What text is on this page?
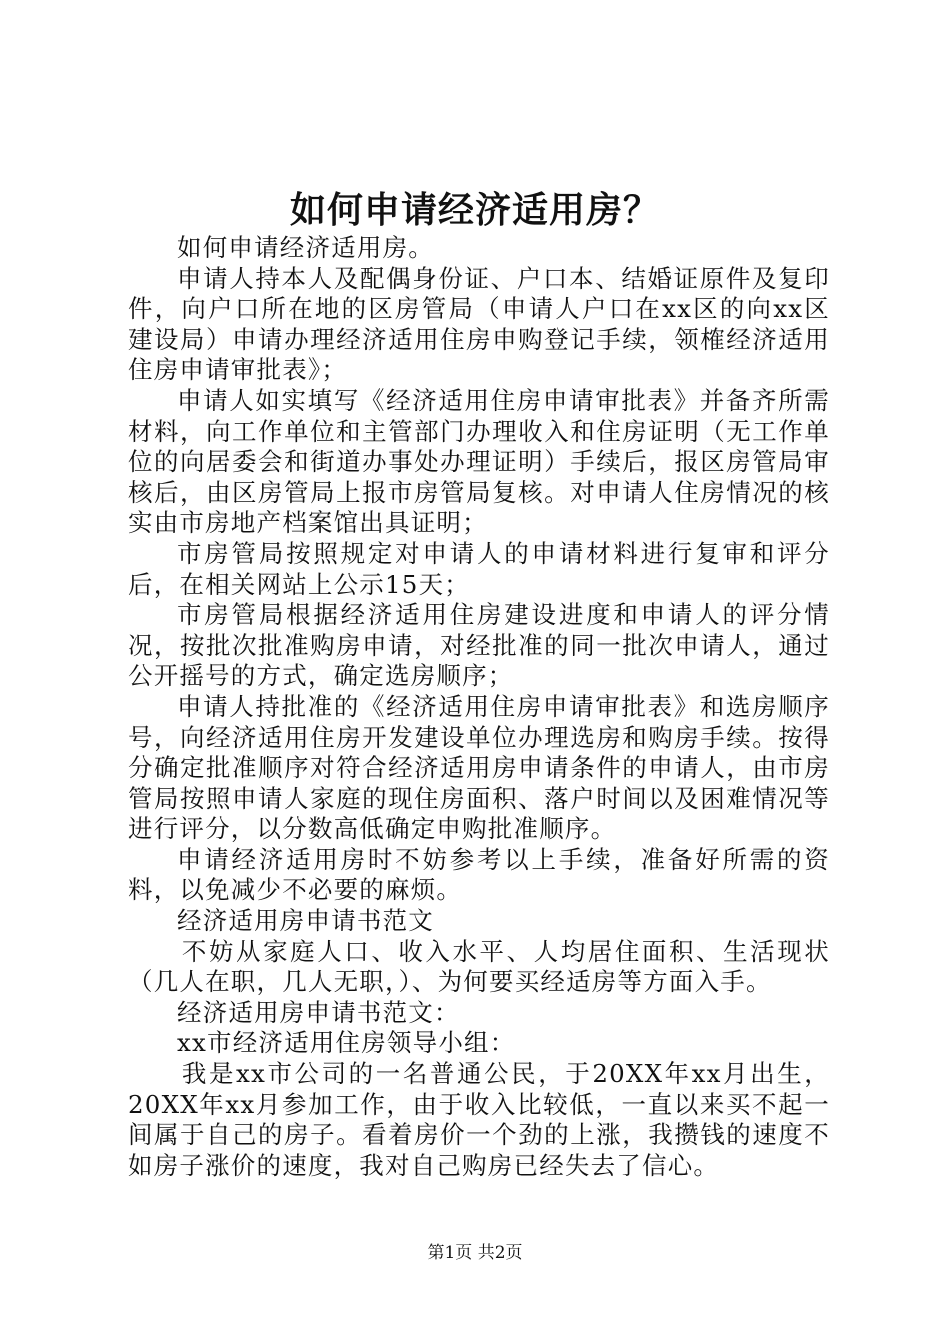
如何申请经济适用房？

如何申请经济适用房。

申请人持本人及配偶身份证、户口本、结婚证原件及复印件，向户口所在地的区房管局（申请人户口在xx区的向xx区建设局）申请办理经济适用住房申购登记手续，领榷经济适用住房申请审批表》；

申请人如实填写《经济适用住房申请审批表》并备齐所需材料，向工作单位和主管部门办理收入和住房证明（无工作单位的向居委会和街道办事处办理证明）手续后，报区房管局审核后，由区房管局上报市房管局复核。对申请人住房情况的核实由市房地产档案馆出具证明；

市房管局按照规定对申请人的申请材料进行复审和评分后，在相关网站上公示15天；

市房管局根据经济适用住房建设进度和申请人的评分情况，按批次批准购房申请，对经批准的同一批次申请人，通过公开摇号的方式，确定选房顺序；

申请人持批准的《经济适用住房申请审批表》和选房顺序号，向经济适用住房开发建设单位办理选房和购房手续。按得分确定批准顺序对符合经济适用房申请条件的申请人，由市房管局按照申请人家庭的现住房面积、落户时间以及困难情况等进行评分，以分数高低确定申购批准顺序。

申请经济适用房时不妨参考以上手续，准备好所需的资料，以免减少不必要的麻烦。

经济适用房申请书范文

不妨从家庭人口、收入水平、人均居住面积、生活现状（几人在职，几人无职，）、为何要买经适房等方面入手。

经济适用房申请书范文：

xx市经济适用住房领导小组：

我是xx市公司的一名普通公民，于20XX年xx月出生，20XX年xx月参加工作，由于收入比较低，一直以来买不起一间属于自己的房子。看着房价一个劲的上涨，我攒钱的速度不如房子涨价的速度，我对自己购房已经失去了信心。

第1页 共2页
